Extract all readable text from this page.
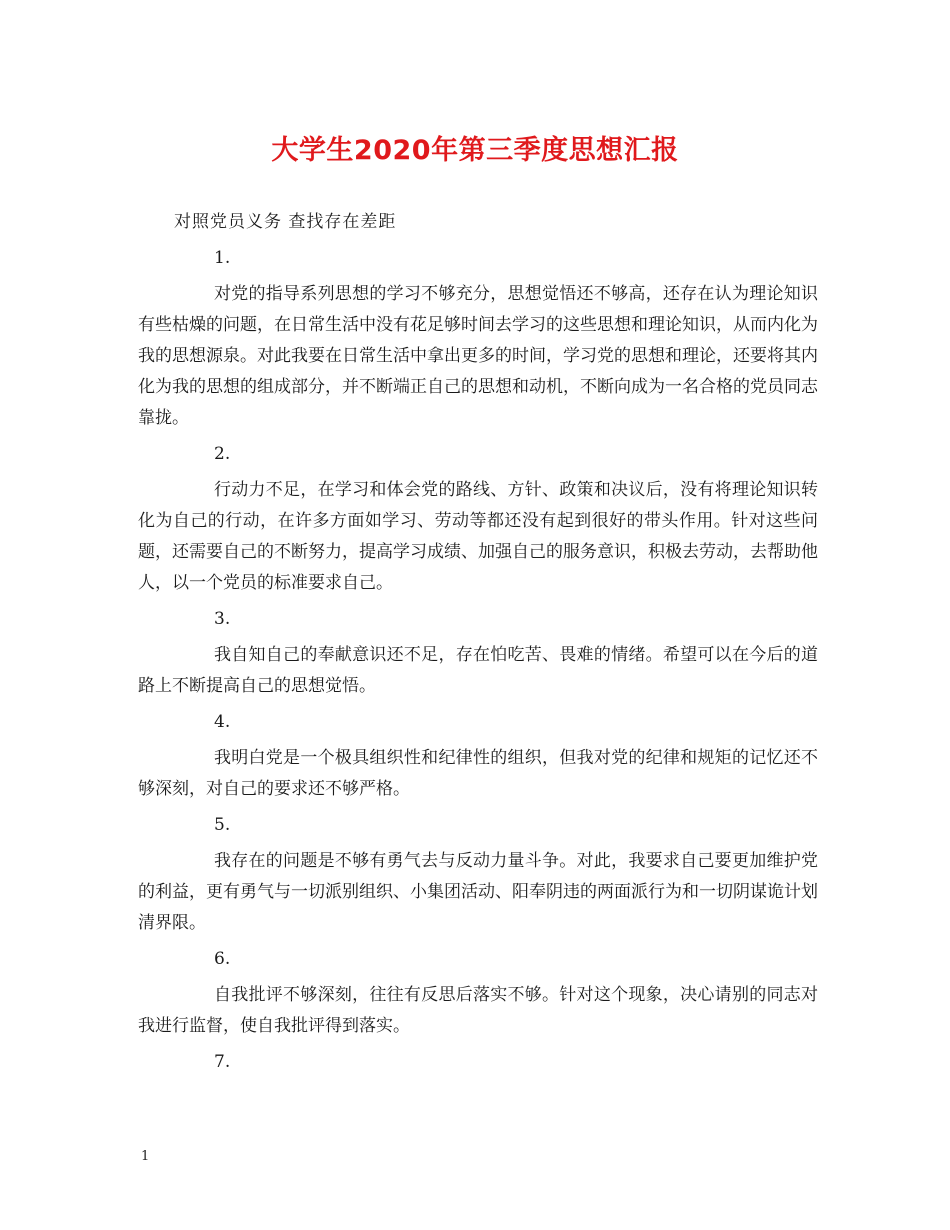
大学生2020年第三季度思想汇报
对照党员义务 查找存在差距
1.
对党的指导系列思想的学习不够充分，思想觉悟还不够高，还存在认为理论知识有些枯燥的问题，在日常生活中没有花足够时间去学习的这些思想和理论知识，从而内化为我的思想源泉。对此我要在日常生活中拿出更多的时间，学习党的思想和理论，还要将其内化为我的思想的组成部分，并不断端正自己的思想和动机，不断向成为一名合格的党员同志靠拢。
2.
行动力不足，在学习和体会党的路线、方针、政策和决议后，没有将理论知识转化为自己的行动，在许多方面如学习、劳动等都还没有起到很好的带头作用。针对这些问题，还需要自己的不断努力，提高学习成绩、加强自己的服务意识，积极去劳动，去帮助他人，以一个党员的标准要求自己。
3.
我自知自己的奉献意识还不足，存在怕吃苦、畏难的情绪。希望可以在今后的道路上不断提高自己的思想觉悟。
4.
我明白党是一个极具组织性和纪律性的组织，但我对党的纪律和规矩的记忆还不够深刻，对自己的要求还不够严格。
5.
我存在的问题是不够有勇气去与反动力量斗争。对此，我要求自己要更加维护党的利益，更有勇气与一切派别组织、小集团活动、阳奉阴违的两面派行为和一切阴谋诡计划清界限。
6.
自我批评不够深刻，往往有反思后落实不够。针对这个现象，决心请别的同志对我进行监督，使自我批评得到落实。
7.
1
